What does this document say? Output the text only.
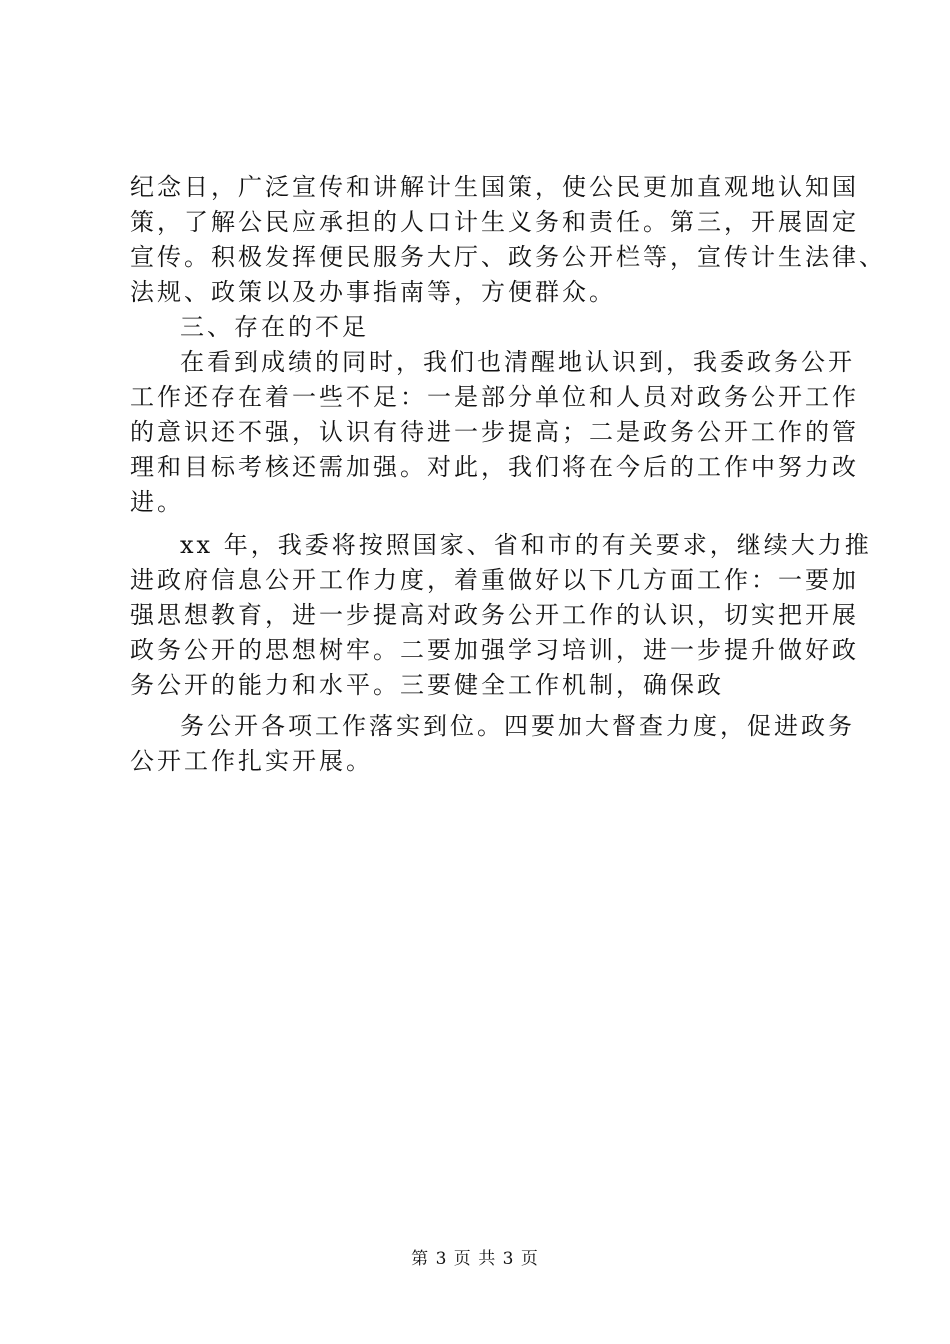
纪念日，广泛宣传和讲解计生国策，使公民更加直观地认知国
策，了解公民应承担的人口计生义务和责任。第三，开展固定
宣传。积极发挥便民服务大厅、政务公开栏等，宣传计生法律、
法规、政策以及办事指南等，方便群众。
三、存在的不足
在看到成绩的同时，我们也清醒地认识到，我委政务公开
工作还存在着一些不足：一是部分单位和人员对政务公开工作
的意识还不强，认识有待进一步提高；二是政务公开工作的管
理和目标考核还需加强。对此，我们将在今后的工作中努力改
进。
xx 年，我委将按照国家、省和市的有关要求，继续大力推
进政府信息公开工作力度，着重做好以下几方面工作：一要加
强思想教育，进一步提高对政务公开工作的认识，切实把开展
政务公开的思想树牢。二要加强学习培训，进一步提升做好政
务公开的能力和水平。三要健全工作机制，确保政
务公开各项工作落实到位。四要加大督查力度，促进政务
公开工作扎实开展。
第 3 页 共 3 页
